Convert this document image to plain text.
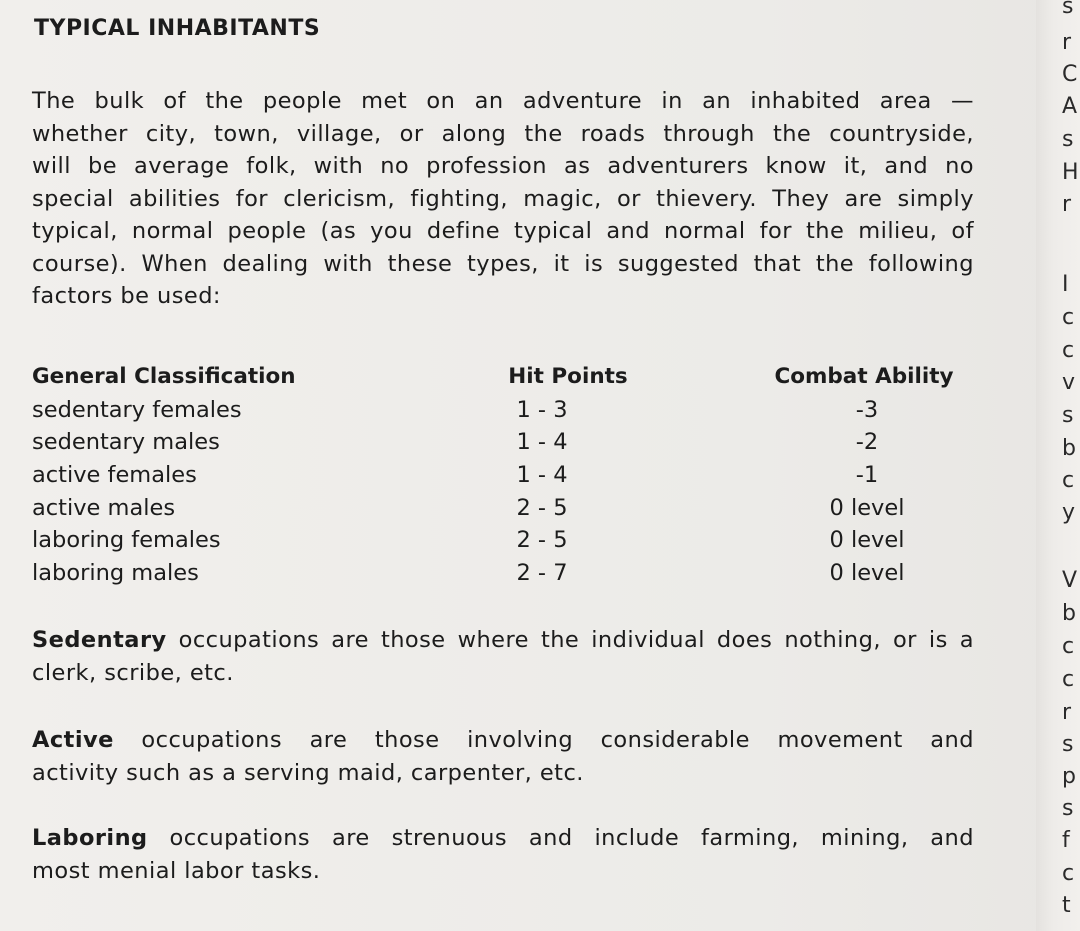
TYPICAL INHABITANTS
The bulk of the people met on an adventure in an inhabited area —
whether city, town, village, or along the roads through the countryside,
will be average folk, with no profession as adventurers know it, and no
special abilities for clericism, fighting, magic, or thievery. They are simply
typical, normal people (as you define typical and normal for the milieu, of
course). When dealing with these types, it is suggested that the following
factors be used:
General Classification	Hit Points	Combat Ability
sedentary females	1 - 3	-3
sedentary males	1 - 4	-2
active females	1 - 4	-1
active males	2 - 5	0 level
laboring females	2 - 5	0 level
laboring males	2 - 7	0 level
Sedentary occupations are those where the individual does nothing, or is a
clerk, scribe, etc.
Active occupations are those involving considerable movement and
activity such as a serving maid, carpenter, etc.
Laboring occupations are strenuous and include farming, mining, and
most menial labor tasks.
s
r
C
A
s
H
r
I
c
c
v
s
b
c
y
V
b
c
c
r
s
p
s
f
c
t
